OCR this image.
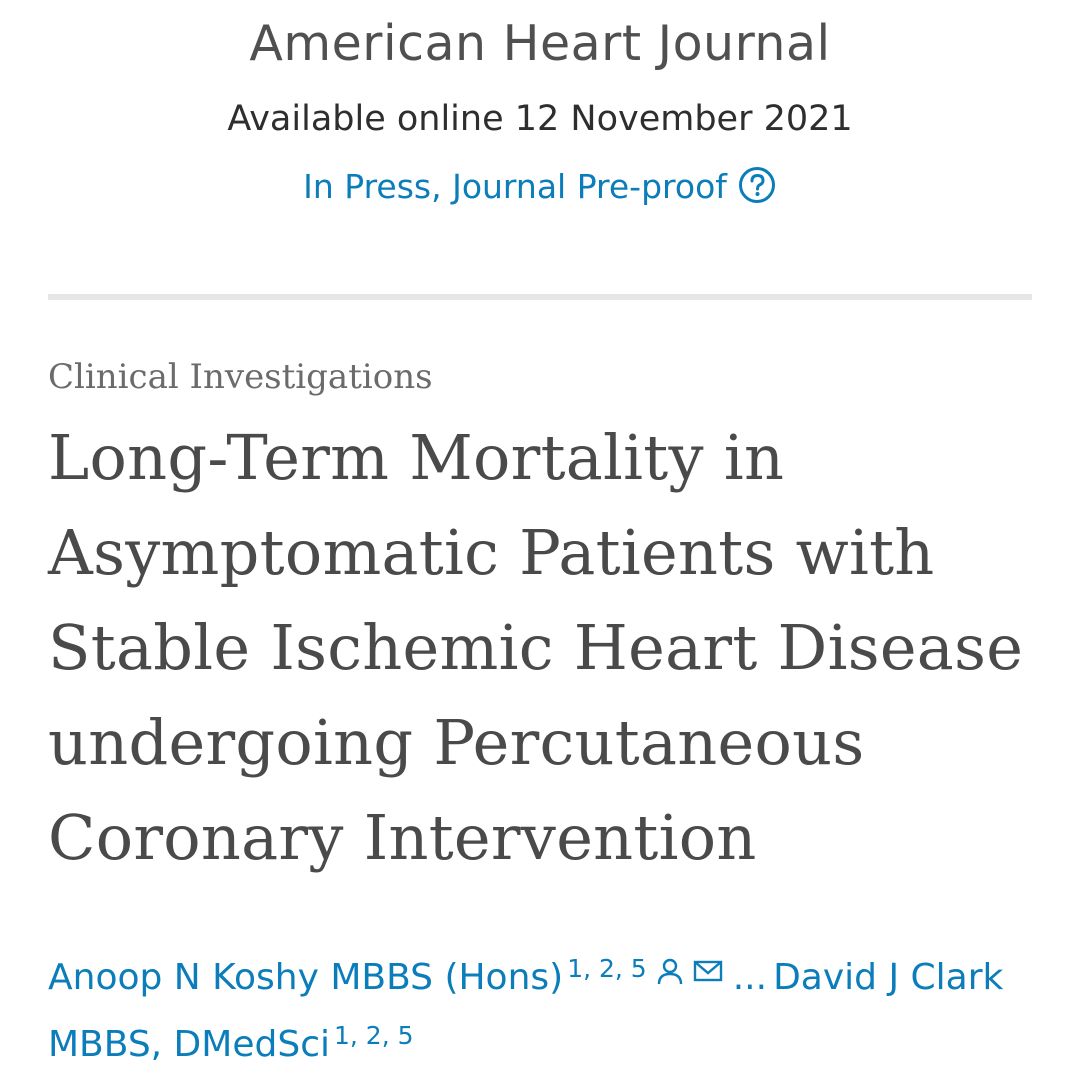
American Heart Journal
Available online 12 November 2021
In Press, Journal Pre-proof
Clinical Investigations
Long-Term Mortality in
Asymptomatic Patients with
Stable Ischemic Heart Disease
undergoing Percutaneous
Coronary Intervention
Anoop N Koshy MBBS (Hons) $^{1, 2, 5}$ ... David J Clark MBBS, DMedSci $^{1, 2, 5}$
